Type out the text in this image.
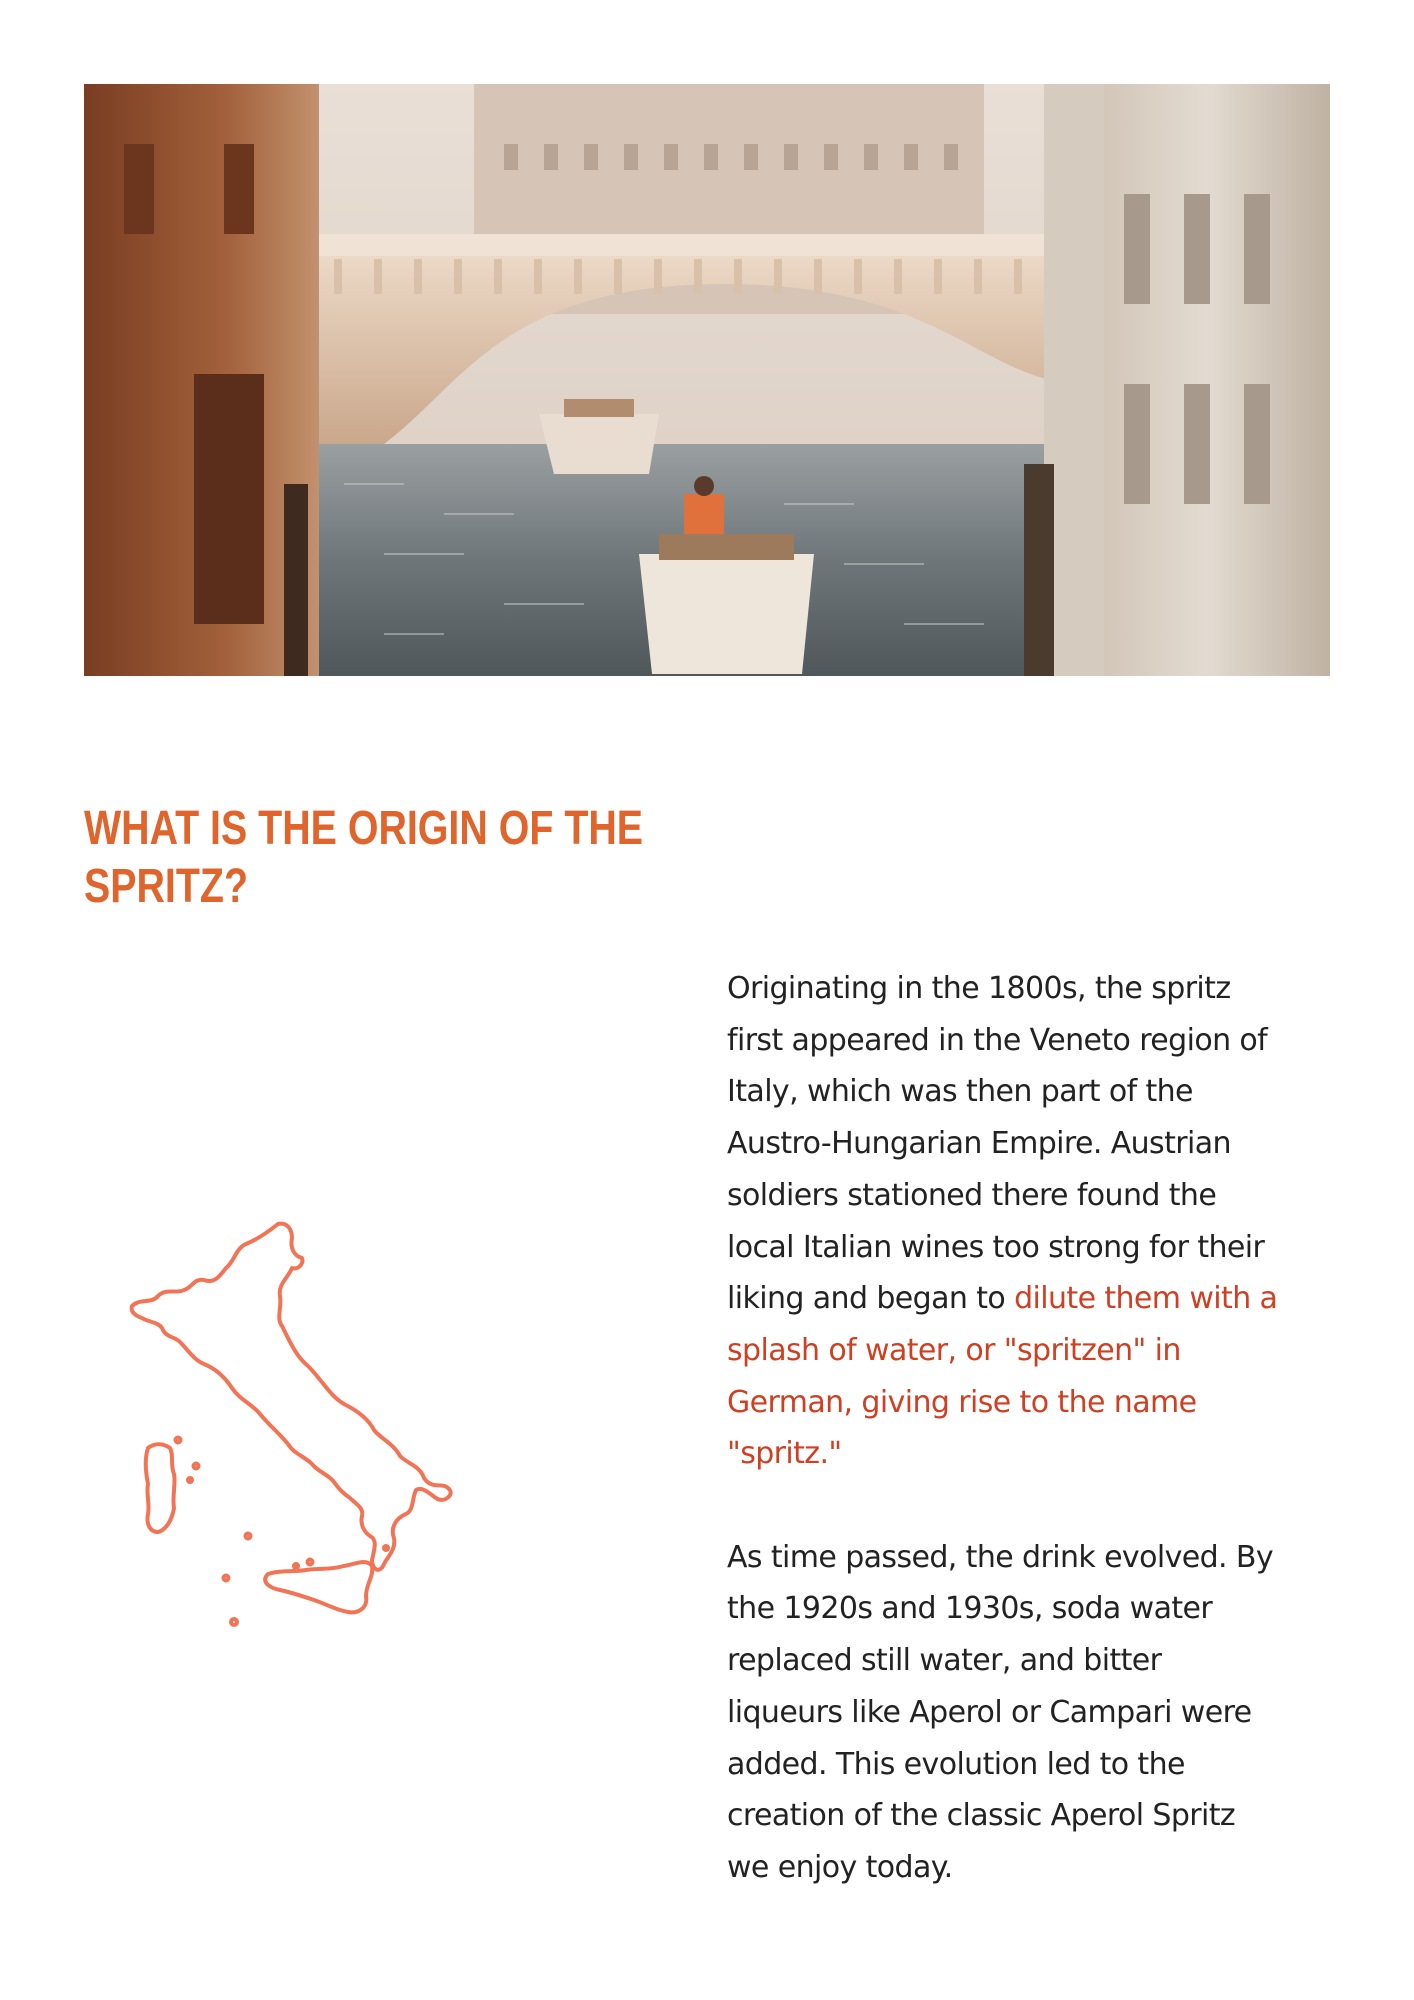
WHAT IS THE ORIGIN OF THE
SPRITZ?

Originating in the 1800s, the spritz
first appeared in the Veneto region of
Italy, which was then part of the
Austro-Hungarian Empire. Austrian
soldiers stationed there found the
local Italian wines too strong for their
liking and began to dilute them with a
splash of water, or "spritzen" in
German, giving rise to the name
"spritz."

As time passed, the drink evolved. By
the 1920s and 1930s, soda water
replaced still water, and bitter
liqueurs like Aperol or Campari were
added. This evolution led to the
creation of the classic Aperol Spritz
we enjoy today.
